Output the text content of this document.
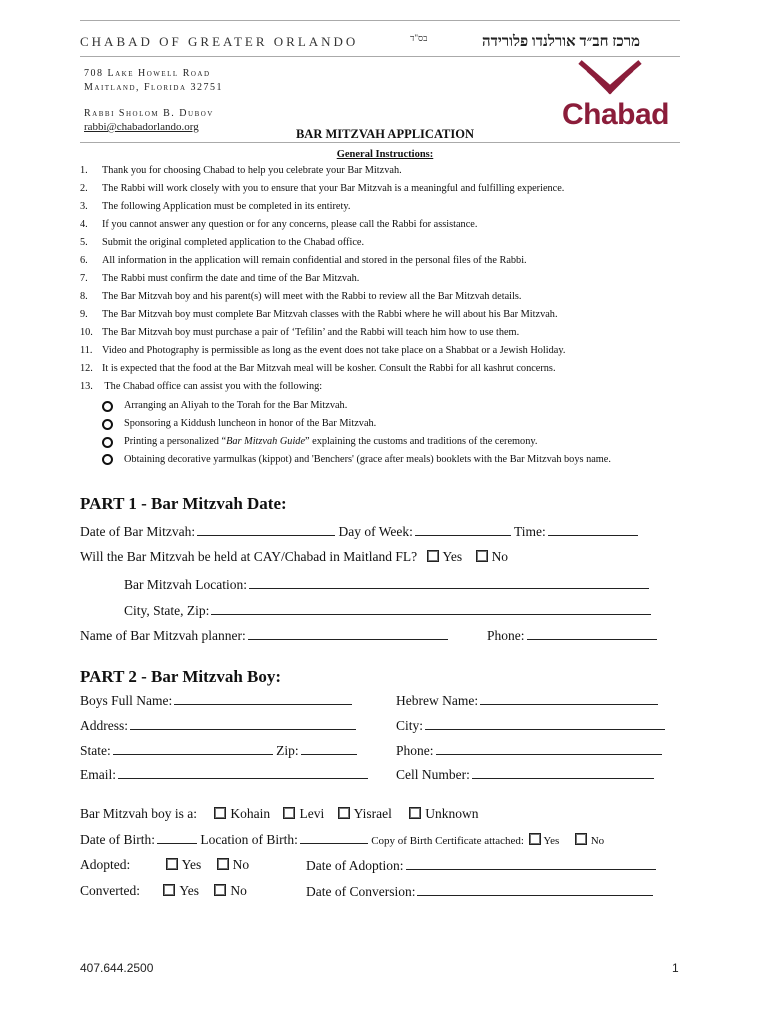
CHABAD OF GREATER ORLANDO	בס"ד	מרכז חב״ד אורלנדו פלורידה
708 Lake Howell Road
Maitland, Florida 32751
Rabbi Sholom B. Dubov
rabbi@chabadorlando.org	Chabad
BAR MITZVAH APPLICATION
General Instructions:
1. Thank you for choosing Chabad to help you celebrate your Bar Mitzvah.
2. The Rabbi will work closely with you to ensure that your Bar Mitzvah is a meaningful and fulfilling experience.
3. The following Application must be completed in its entirety.
4. If you cannot answer any question or for any concerns, please call the Rabbi for assistance.
5. Submit the original completed application to the Chabad office.
6. All information in the application will remain confidential and stored in the personal files of the Rabbi.
7. The Rabbi must confirm the date and time of the Bar Mitzvah.
8. The Bar Mitzvah boy and his parent(s) will meet with the Rabbi to review all the Bar Mitzvah details.
9. The Bar Mitzvah boy must complete Bar Mitzvah classes with the Rabbi where he will about his Bar Mitzvah.
10. The Bar Mitzvah boy must purchase a pair of ‘Tefilin’ and the Rabbi will teach him how to use them.
11. Video and Photography is permissible as long as the event does not take place on a Shabbat or a Jewish Holiday.
12. It is expected that the food at the Bar Mitzvah meal will be kosher. Consult the Rabbi for all kashrut concerns.
13. The Chabad office can assist you with the following:
Arranging an Aliyah to the Torah for the Bar Mitzvah.
Sponsoring a Kiddush luncheon in honor of the Bar Mitzvah.
Printing a personalized “Bar Mitzvah Guide” explaining the customs and traditions of the ceremony.
Obtaining decorative yarmulkas (kippot) and 'Benchers' (grace after meals) booklets with the Bar Mitzvah boys name.
PART 1 - Bar Mitzvah Date:
Date of Bar Mitzvah:	Day of Week:	Time:
Will the Bar Mitzvah be held at CAY/Chabad in Maitland FL? Yes No
Bar Mitzvah Location:
City, State, Zip:
Name of Bar Mitzvah planner:	Phone:
PART 2 - Bar Mitzvah Boy:
Boys Full Name:	Hebrew Name:
Address:	City:
State:	Zip:	Phone:
Email:	Cell Number:
Bar Mitzvah boy is a: Kohain Levi Yisrael Unknown
Date of Birth:	Location of Birth:	Copy of Birth Certificate attached: Yes	No
Adopted:	Yes No	Date of Adoption:
Converted:	Yes No	Date of Conversion:
407.644.2500	1
